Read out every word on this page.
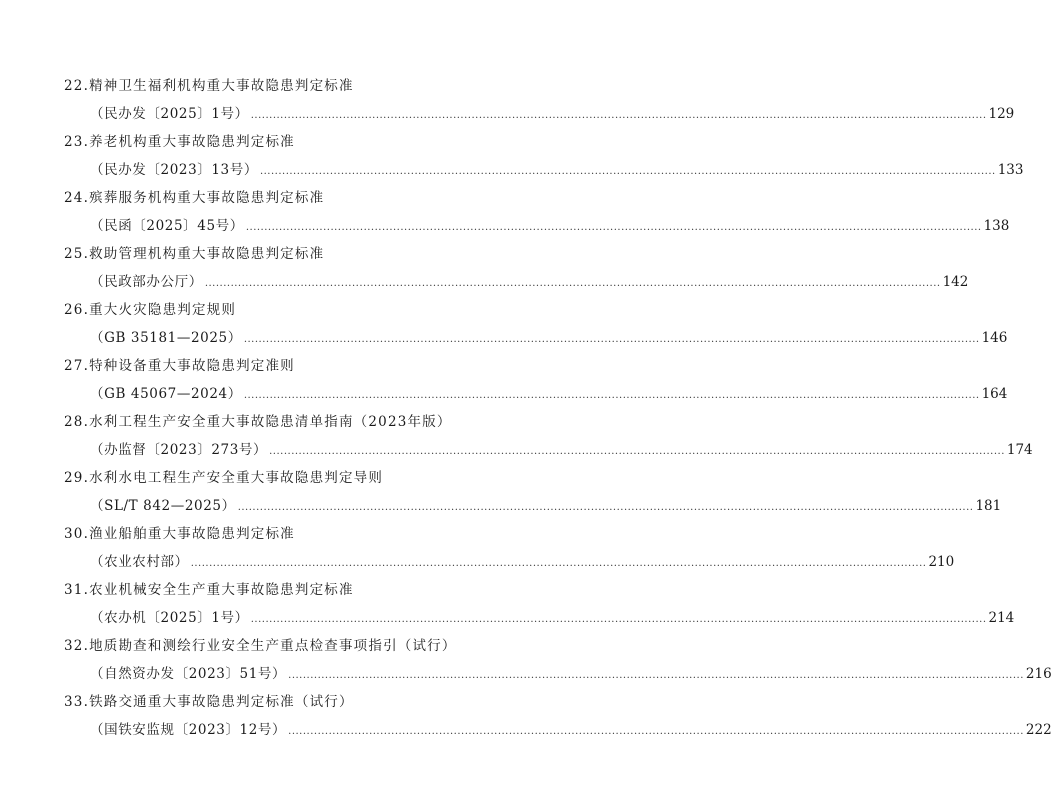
22.精神卫生福利机构重大事故隐患判定标准
（民办发〔2025〕1号） ........................................................................................................................................................................................................ 129
23.养老机构重大事故隐患判定标准
（民办发〔2023〕13号） ........................................................................................................................................................................................................ 133
24.殡葬服务机构重大事故隐患判定标准
（民函〔2025〕45号） ........................................................................................................................................................................................................ 138
25.救助管理机构重大事故隐患判定标准
（民政部办公厅） ........................................................................................................................................................................................................ 142
26.重大火灾隐患判定规则
（GB 35181—2025） ........................................................................................................................................................................................................ 146
27.特种设备重大事故隐患判定准则
（GB 45067—2024） ........................................................................................................................................................................................................ 164
28.水利工程生产安全重大事故隐患清单指南（2023年版）
（办监督〔2023〕273号） ........................................................................................................................................................................................................ 174
29.水利水电工程生产安全重大事故隐患判定导则
（SL/T 842—2025） ........................................................................................................................................................................................................ 181
30.渔业船舶重大事故隐患判定标准
（农业农村部） ........................................................................................................................................................................................................ 210
31.农业机械安全生产重大事故隐患判定标准
（农办机〔2025〕1号） ........................................................................................................................................................................................................ 214
32.地质勘查和测绘行业安全生产重点检查事项指引（试行）
（自然资办发〔2023〕51号） ........................................................................................................................................................................................................ 216
33.铁路交通重大事故隐患判定标准（试行）
（国铁安监规〔2023〕12号） ........................................................................................................................................................................................................ 222
